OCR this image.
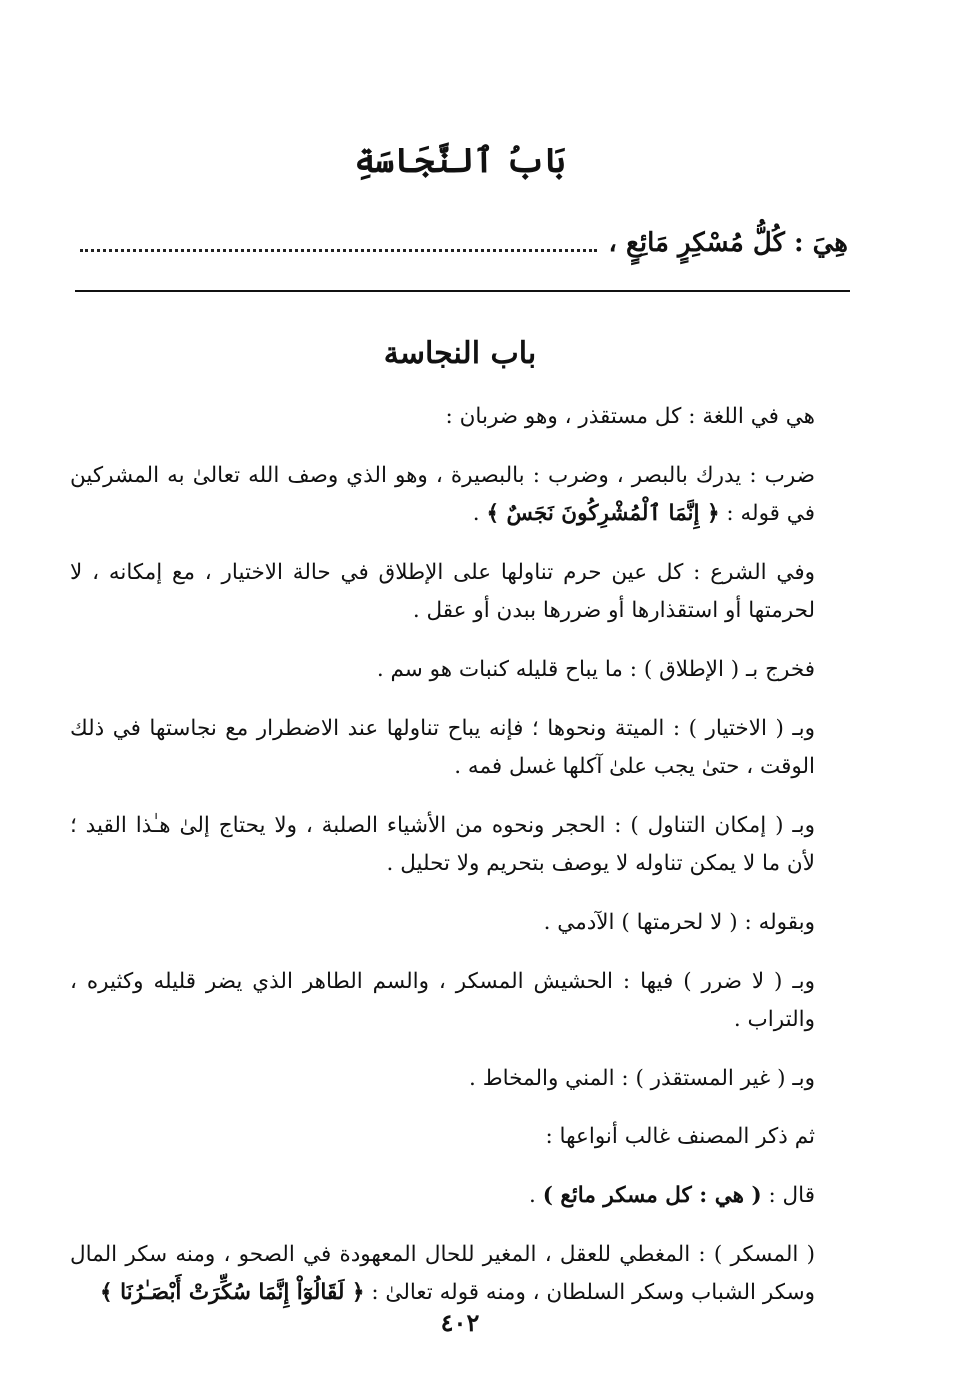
بَابُ ٱلنَّجَاسَةِ
هِيَ : كُلُّ مُسْكِرٍ مَائِعٍ ،
باب النجاسة

هي في اللغة : كل مستقذر ، وهو ضربان :

ضرب : يدرك بالبصر ، وضرب : بالبصيرة ، وهو الذي وصف الله تعالىٰ به المشركين في قوله : ﴿ إِنَّمَا ٱلْمُشْرِكُونَ نَجَسٌ ﴾ .

وفي الشرع : كل عين حرم تناولها على الإطلاق في حالة الاختيار ، مع إمكانه ، لا لحرمتها أو استقذارها أو ضررها ببدن أو عقل .

فخرج بـ ( الإطلاق ) : ما يباح قليله كنبات هو سم .

وبـ ( الاختيار ) : الميتة ونحوها ؛ فإنه يباح تناولها عند الاضطرار مع نجاستها في ذلك الوقت ، حتىٰ يجب علىٰ آكلها غسل فمه .

وبـ ( إمكان التناول ) : الحجر ونحوه من الأشياء الصلبة ، ولا يحتاج إلىٰ هـٰذا القيد ؛ لأن ما لا يمكن تناوله لا يوصف بتحريم ولا تحليل .

وبقوله : ( لا لحرمتها ) الآدمي .

وبـ ( لا ضرر ) فيها : الحشيش المسكر ، والسم الطاهر الذي يضر قليله وكثيره ، والتراب .

وبـ ( غير المستقذر ) : المني والمخاط .

ثم ذكر المصنف غالب أنواعها :

قال : ( هي : كل مسكر مائع ) .

( المسكر ) : المغطي للعقل ، المغير للحال المعهودة في الصحو ، ومنه سكر المال وسكر الشباب وسكر السلطان ، ومنه قوله تعالىٰ : ﴿ لَقَالُوٓاْ إِنَّمَا سُكِّرَتْ أَبْصَـٰرُنَا ﴾

٤٠٢
